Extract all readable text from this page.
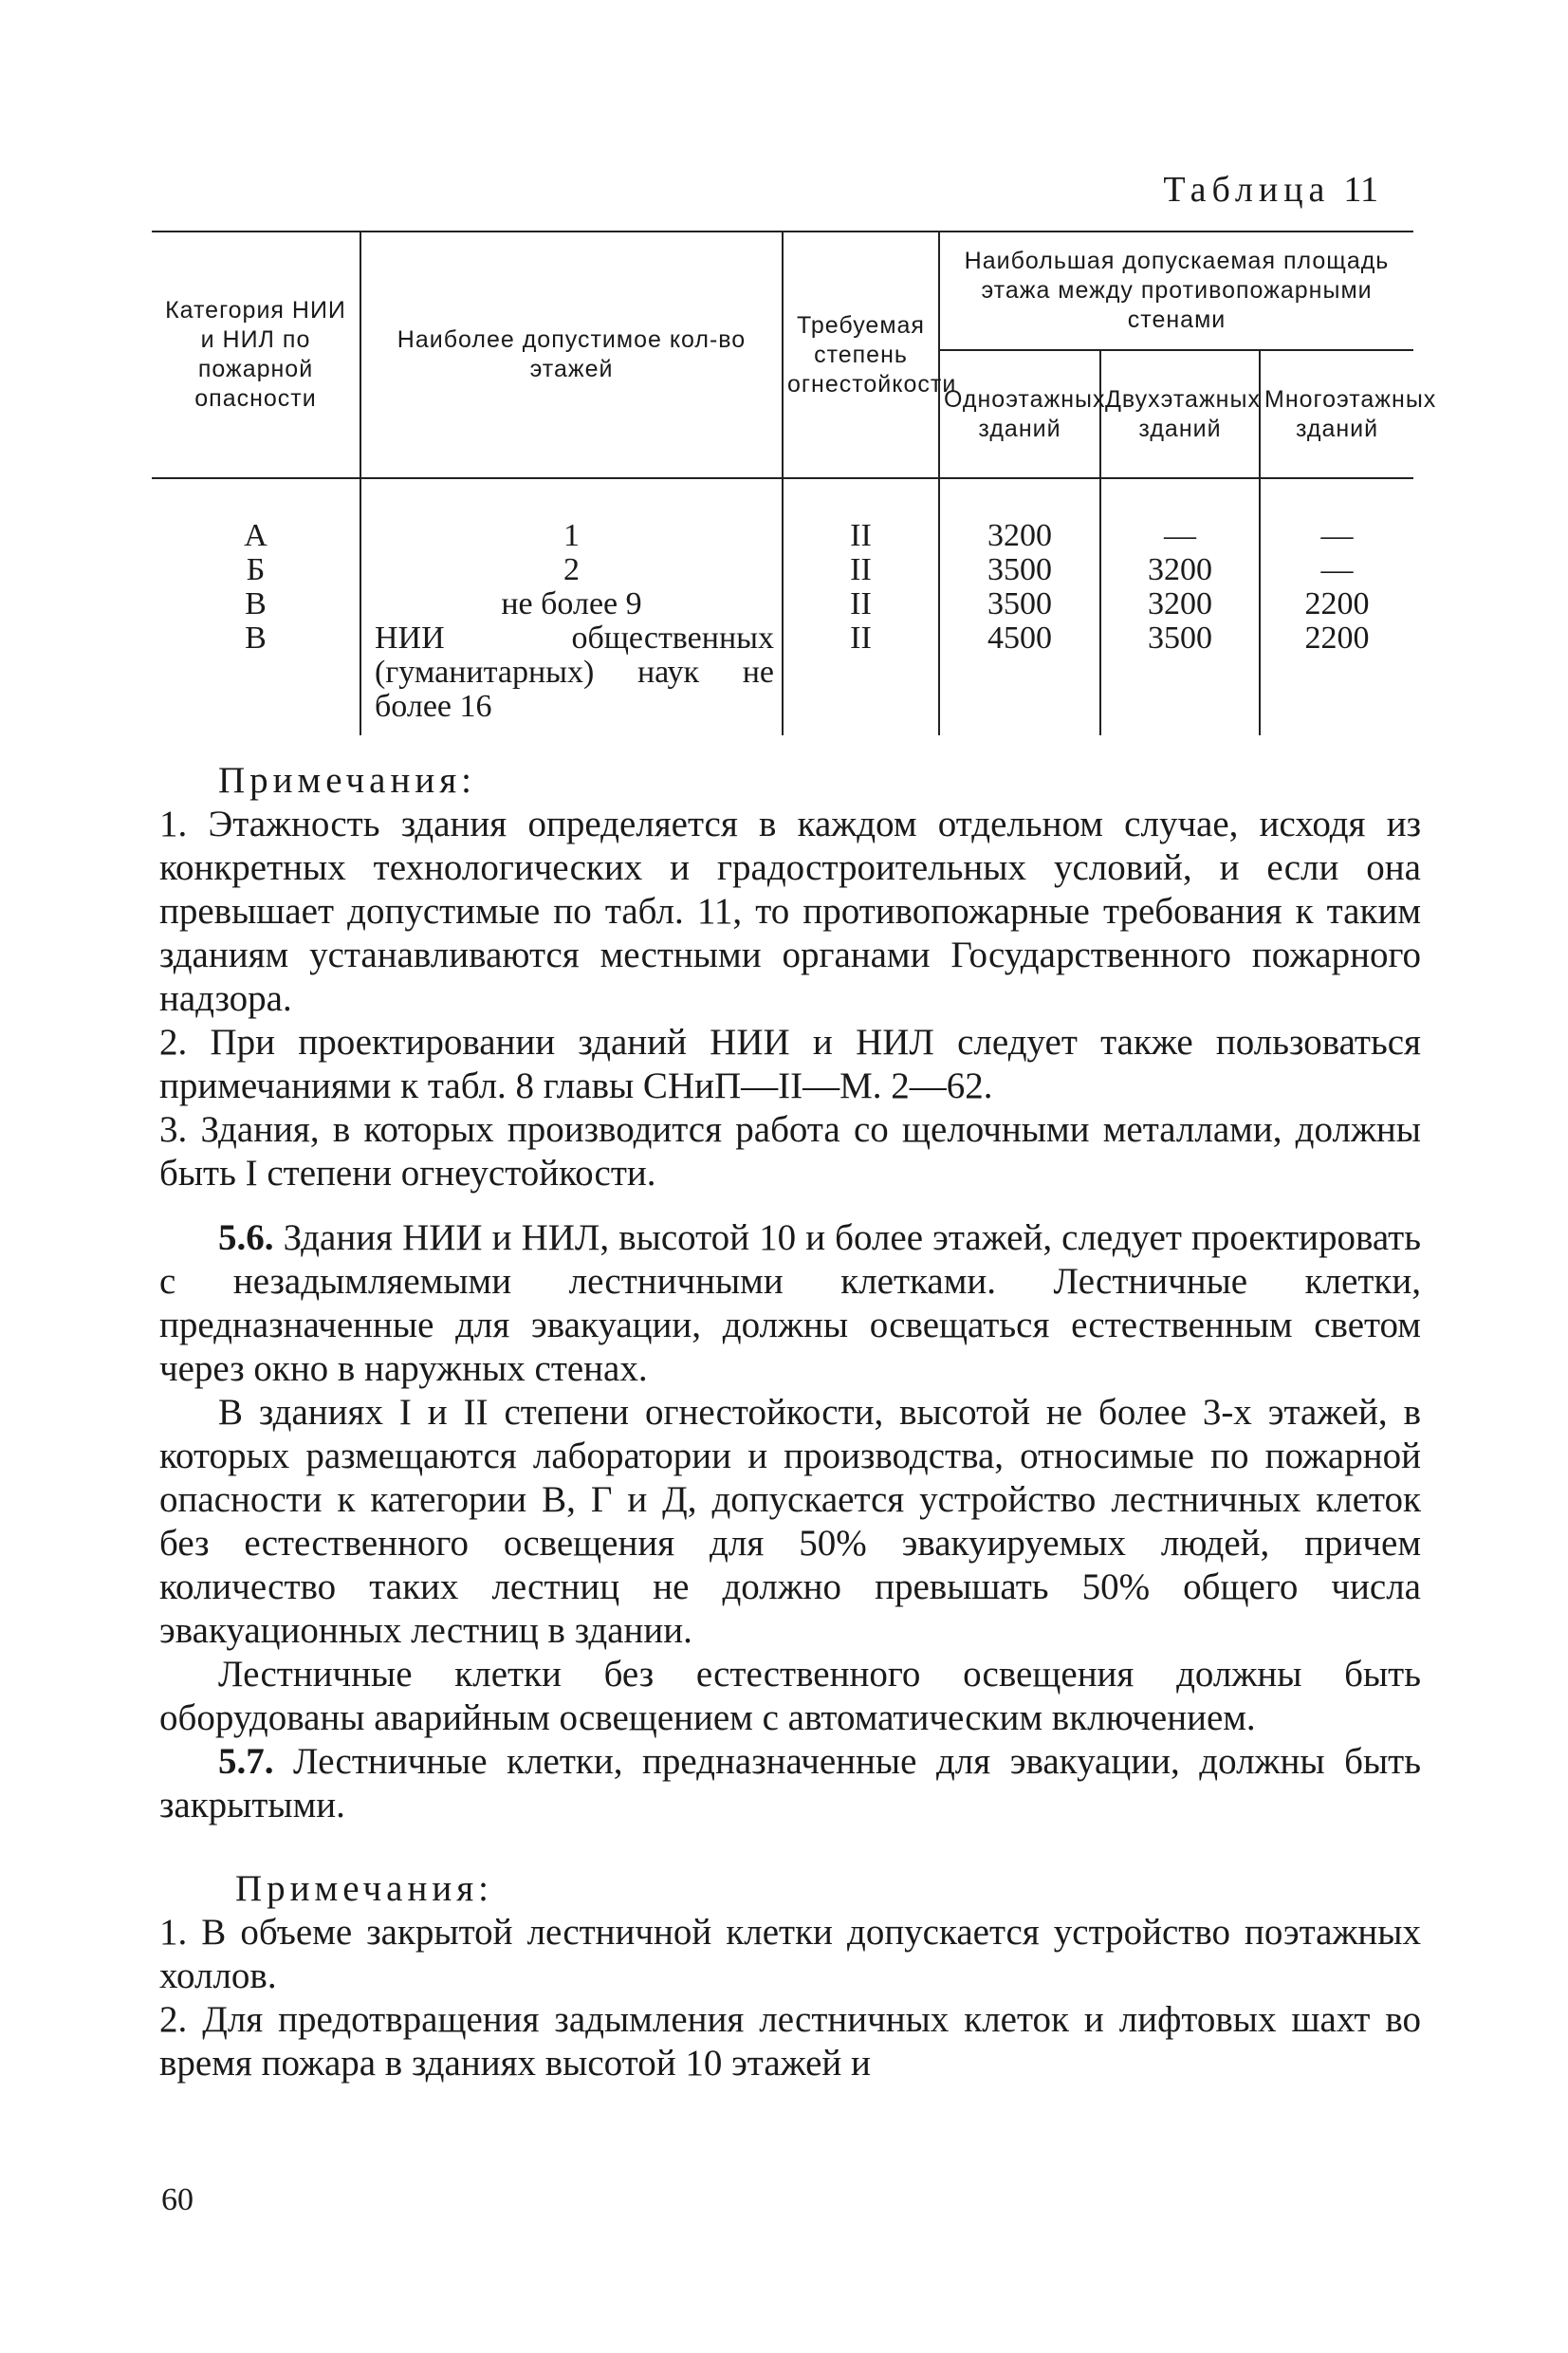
Таблица 11
Категория НИИ и НИЛ по пожарной опасности	Наиболее допустимое кол-во этажей	Требуемая степень огнестойкости	Наибольшая допускаемая площадь этажа между противопожарными стенами		
			Одноэтажных зданий	Двухэтажных зданий	Многоэтажных зданий
А	1	II	3200	—	—
Б	2	II	3500	3200	—
В	не более 9	II	3500	3200	2200
В	НИИ общественных (гуманитарных) наук не более 16	II	4500	3500	2200

Примечания:

1. Этажность здания определяется в каждом отдельном случае, исходя из конкретных технологических и градостроительных условий, и если она превышает допустимые по табл. 11, то противопожарные требования к таким зданиям устанавливаются местными органами Государственного пожарного надзора.

2. При проектировании зданий НИИ и НИЛ следует также пользоваться примечаниями к табл. 8 главы СНиП—II—М. 2—62.

3. Здания, в которых производится работа со щелочными металлами, должны быть I степени огнеустойкости.

5.6. Здания НИИ и НИЛ, высотой 10 и более этажей, следует проектировать с незадымляемыми лестничными клетками. Лестничные клетки, предназначенные для эвакуации, должны освещаться естественным светом через окно в наружных стенах.

В зданиях I и II степени огнестойкости, высотой не более 3-х этажей, в которых размещаются лаборатории и производства, относимые по пожарной опасности к категории В, Г и Д, допускается устройство лестничных клеток без естественного освещения для 50% эвакуируемых людей, причем количество таких лестниц не должно превышать 50% общего числа эвакуационных лестниц в здании.

Лестничные клетки без естественного освещения должны быть оборудованы аварийным освещением с автоматическим включением.

5.7. Лестничные клетки, предназначенные для эвакуации, должны быть закрытыми.

Примечания:

1. В объеме закрытой лестничной клетки допускается устройство поэтажных холлов.

2. Для предотвращения задымления лестничных клеток и лифтовых шахт во время пожара в зданиях высотой 10 этажей и

60
